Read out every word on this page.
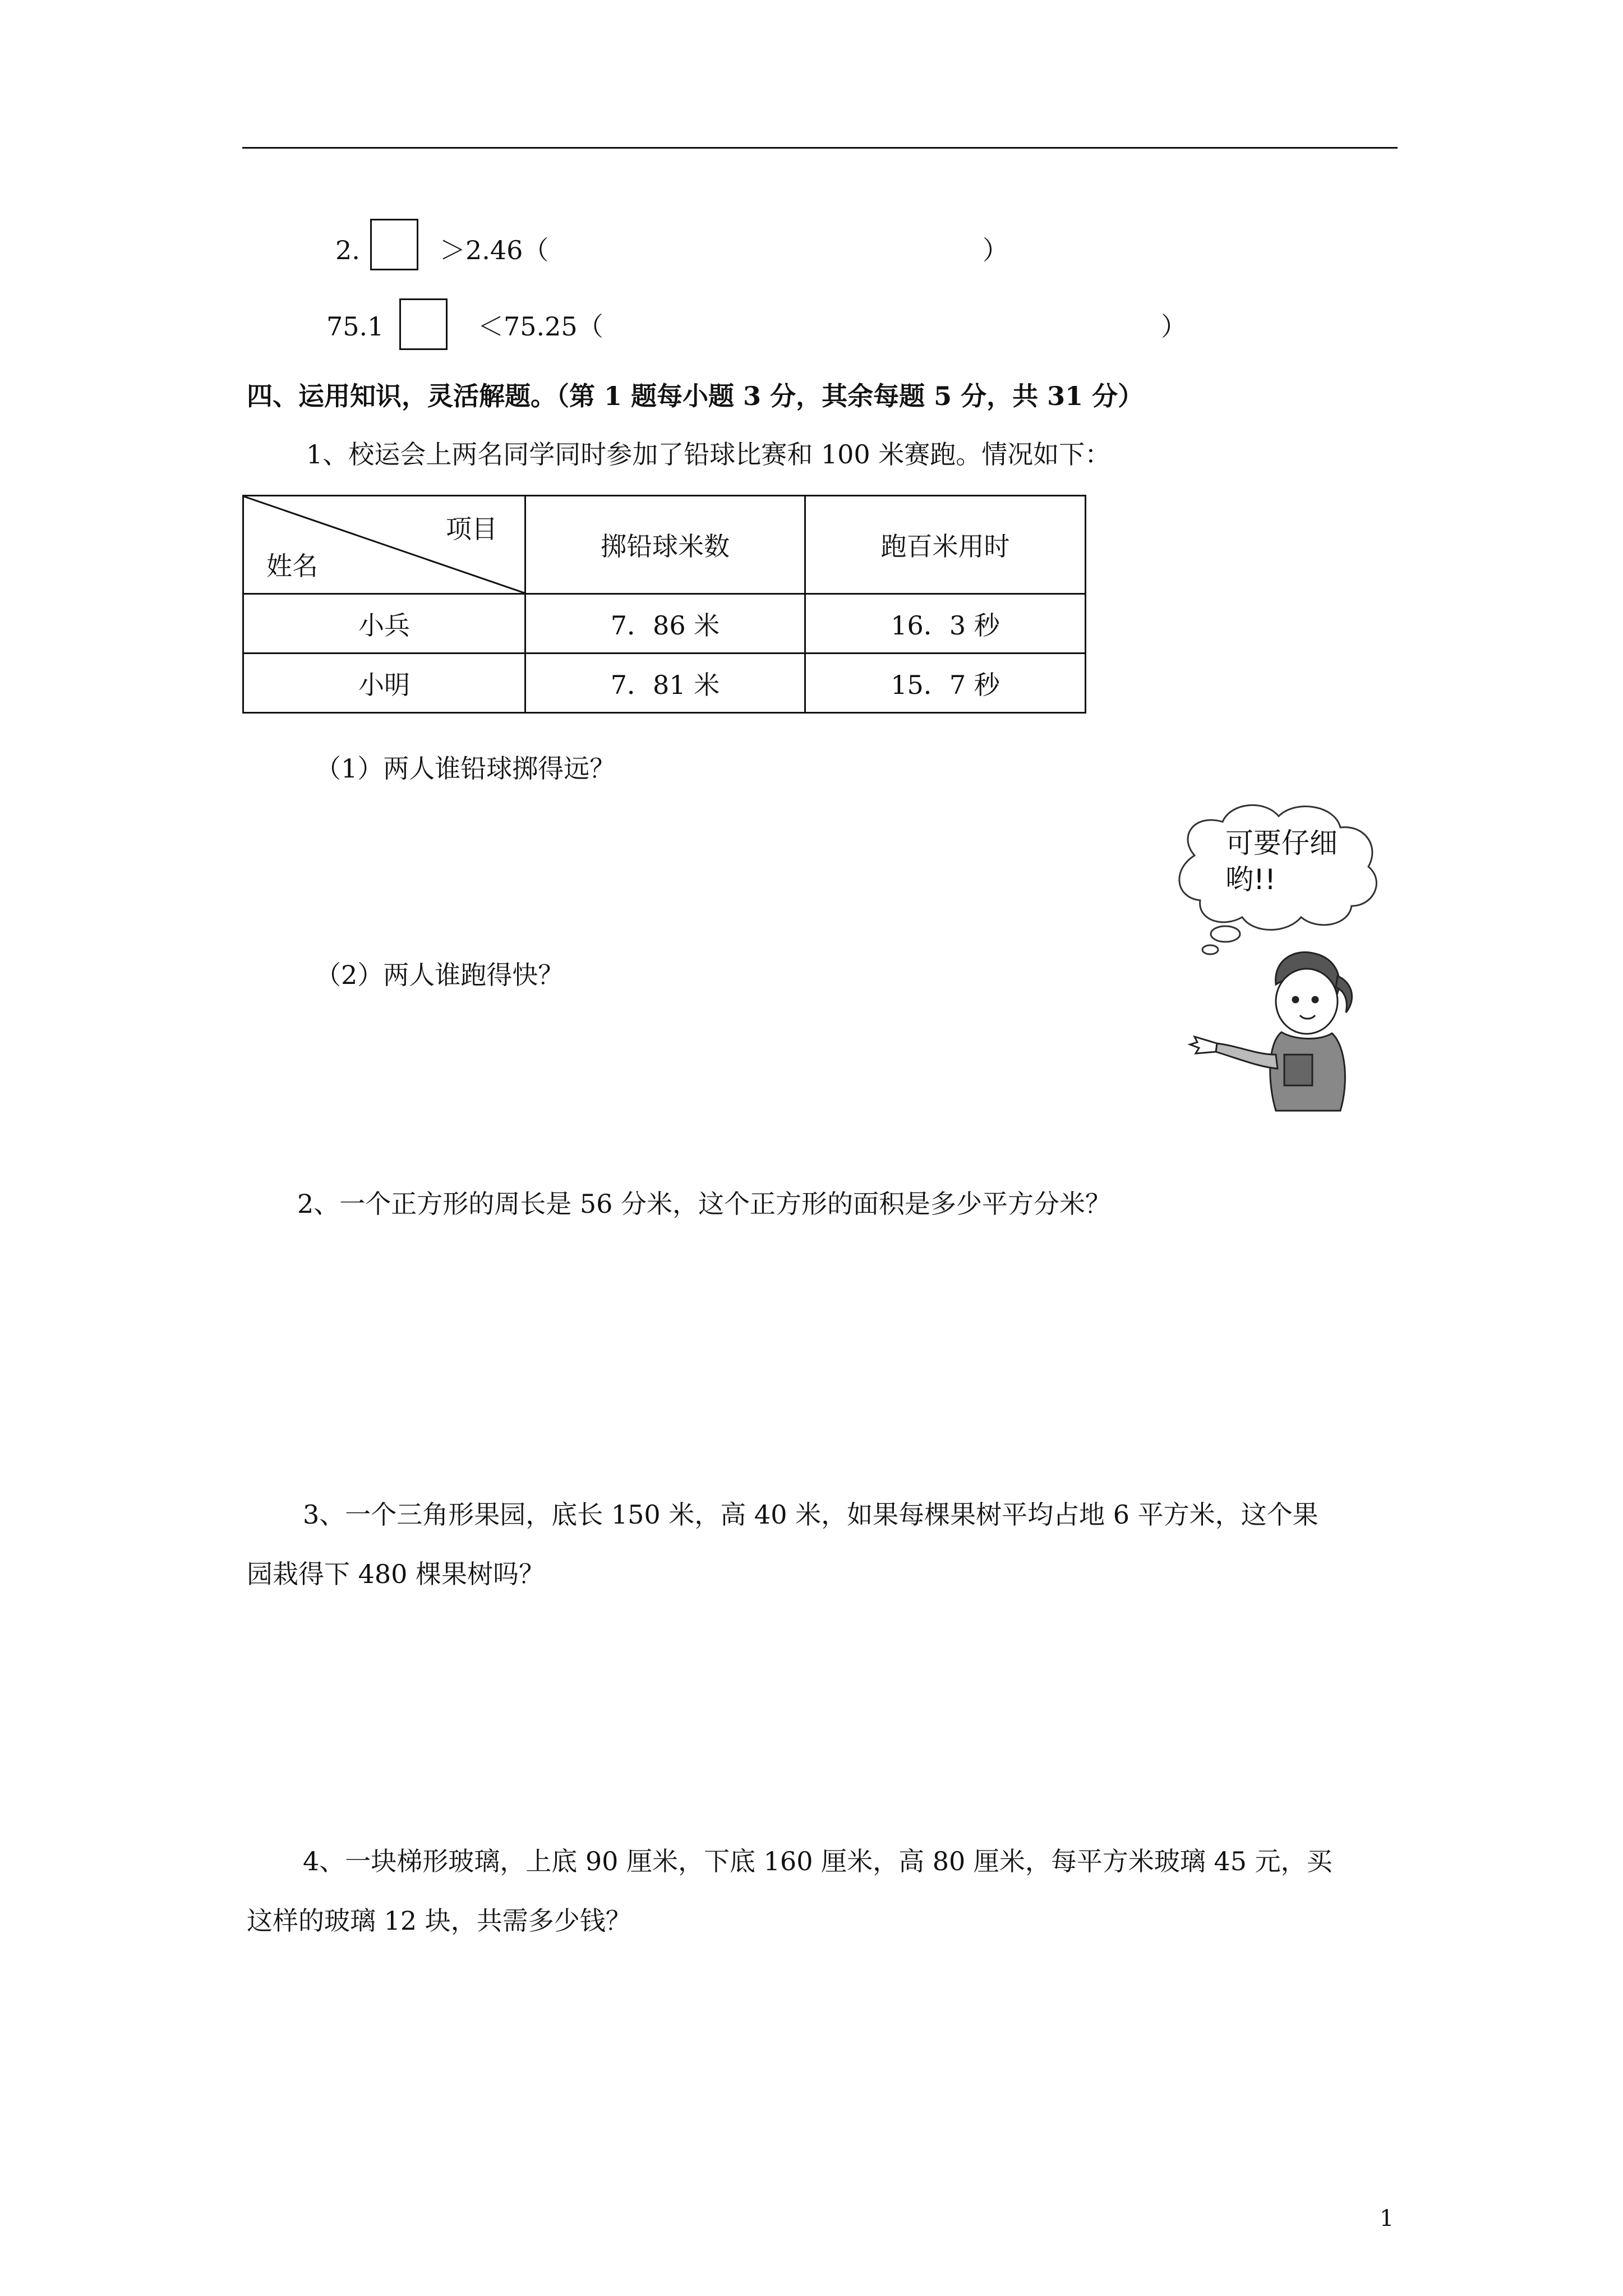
2.	＞2.46（	）
75.1	＜75.25（	）
四、运用知识，灵活解题。（第 1 题每小题 3 分，其余每题 5 分，共 31 分）
1、校运会上两名同学同时参加了铅球比赛和 100 米赛跑。情况如下：
项目
姓名	掷铅球米数	跑百米用时
小兵	7．86 米	16．3 秒
小明	7．81 米	15．7 秒
（1）两人谁铅球掷得远？
（2）两人谁跑得快？
可要仔细
哟!!
2、一个正方形的周长是 56 分米，这个正方形的面积是多少平方分米？
3、一个三角形果园，底长 150 米，高 40 米，如果每棵果树平均占地 6 平方米，这个果
园栽得下 480 棵果树吗？
4、一块梯形玻璃，上底 90 厘米，下底 160 厘米，高 80 厘米，每平方米玻璃 45 元，买
这样的玻璃 12 块，共需多少钱？
1
